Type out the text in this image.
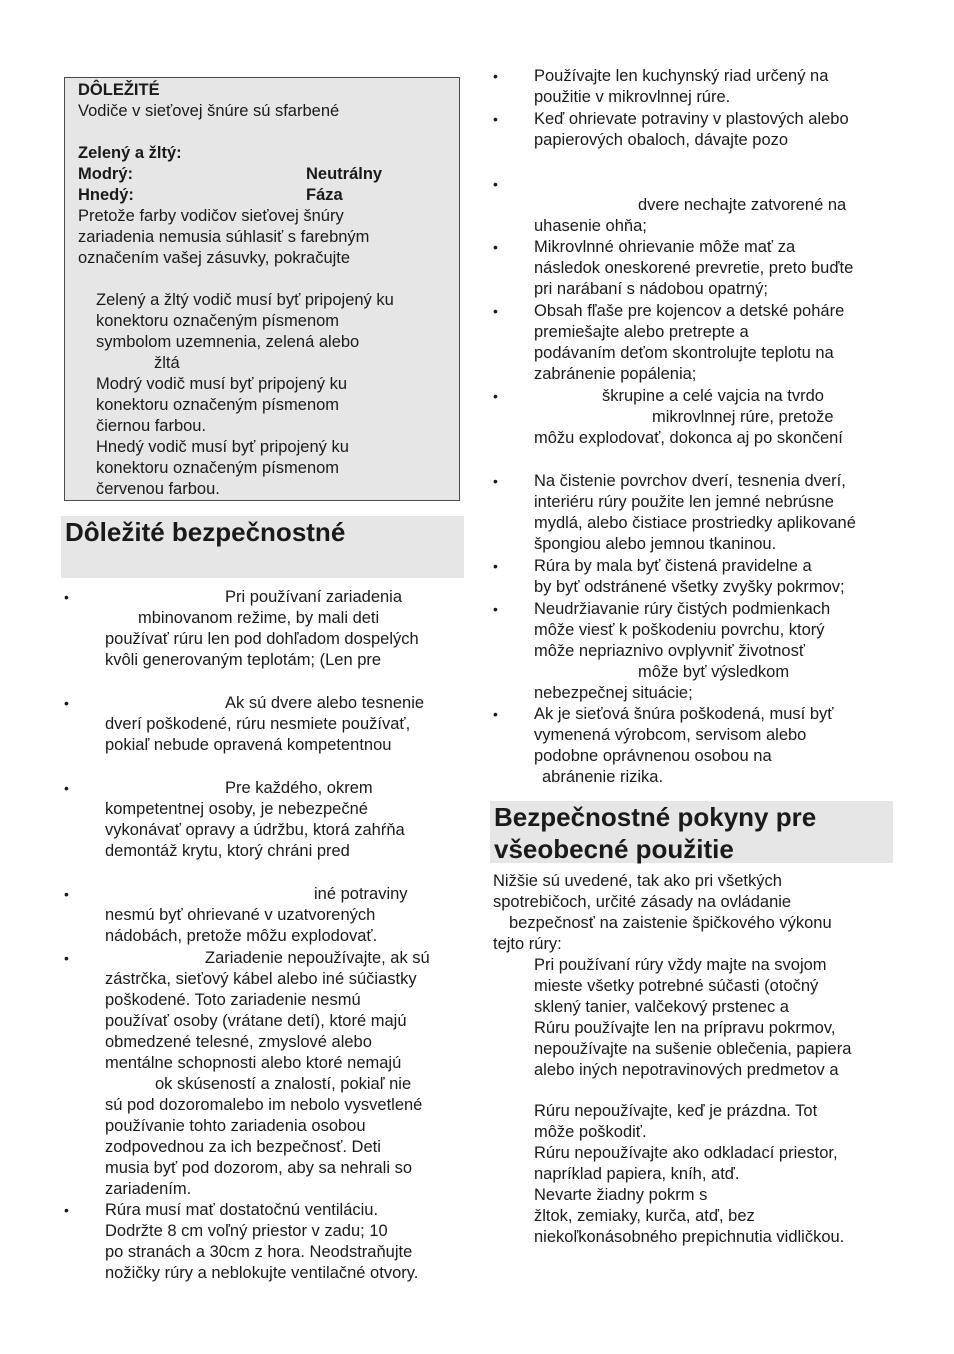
DÔLEŽITÉ
Vodiče v sieťovej šnúre sú sfarbené
Zelený a žltý:
Modrý:	Neutrálny
Hnedý:	Fáza
Pretože farby vodičov sieťovej šnúry
zariadenia nemusia súhlasiť s farebným
označením vašej zásuvky, pokračujte
Zelený a žltý vodič musí byť pripojený ku
konektoru označeným písmenom
symbolom uzemnenia, zelená alebo
žltá
Modrý vodič musí byť pripojený ku
konektoru označeným písmenom
čiernou farbou.
Hnedý vodič musí byť pripojený ku
konektoru označeným písmenom
červenou farbou.
Dôležité bezpečnostné
•	Pri používaní zariadenia
mbinovanom režime, by mali deti
používať rúru len pod dohľadom dospelých
kvôli generovaným teplotám; (Len pre
•	Ak sú dvere alebo tesnenie
dverí poškodené, rúru nesmiete používať,
pokiaľ nebude opravená kompetentnou
•	Pre každého, okrem
kompetentnej osoby, je nebezpečné
vykonávať opravy a údržbu, ktorá zahŕňa
demontáž krytu, ktorý chráni pred
•	iné potraviny
nesmú byť ohrievané v uzatvorených
nádobách, pretože môžu explodovať.
•	Zariadenie nepoužívajte, ak sú
zástrčka, sieťový kábel alebo iné súčiastky
poškodené. Toto zariadenie nesmú
používať osoby (vrátane detí), ktoré majú
obmedzené telesné, zmyslové alebo
mentálne schopnosti alebo ktoré nemajú
ok skúseností a znalostí, pokiaľ nie
sú pod dozoromalebo im nebolo vysvetlené
používanie tohto zariadenia osobou
zodpovednou za ich bezpečnosť. Deti
musia byť pod dozorom, aby sa nehrali so
zariadením.
• Rúra musí mať dostatočnú ventiláciu.
Dodržte 8 cm voľný priestor v zadu; 10
po stranách a 30cm z hora. Neodstraňujte
nožičky rúry a neblokujte ventilačné otvory.
• Používajte len kuchynský riad určený na
použitie v mikrovlnnej rúre.
• Keď ohrievate potraviny v plastových alebo
papierových obaloch, dávajte pozo
•
dvere nechajte zatvorené na
uhasenie ohňa;
• Mikrovlnné ohrievanie môže mať za
následok oneskorené prevretie, preto buďte
pri narábaní s nádobou opatrný;
• Obsah fľaše pre kojencov a detské poháre
premiešajte alebo pretrepte a
podávaním deťom skontrolujte teplotu na
zabránenie popálenia;
•	škrupine a celé vajcia na tvrdo
mikrovlnnej rúre, pretože
môžu explodovať, dokonca aj po skončení
• Na čistenie povrchov dverí, tesnenia dverí,
interiéru rúry použite len jemné nebrúsne
mydlá, alebo čistiace prostriedky aplikované
špongiou alebo jemnou tkaninou.
• Rúra by mala byť čistená pravidelne a
by byť odstránené všetky zvyšky pokrmov;
• Neudržiavanie rúry čistých podmienkach
môže viesť k poškodeniu povrchu, ktorý
môže nepriaznivo ovplyvniť životnosť
môže byť výsledkom
nebezpečnej situácie;
• Ak je sieťová šnúra poškodená, musí byť
vymenená výrobcom, servisom alebo
podobne oprávnenou osobou na
abránenie rizika.
Bezpečnostné pokyny pre
všeobecné použitie
Nižšie sú uvedené, tak ako pri všetkých
spotrebičoch, určité zásady na ovládanie
bezpečnosť na zaistenie špičkového výkonu
tejto rúry:
Pri používaní rúry vždy majte na svojom
mieste všetky potrebné súčasti (otočný
sklený tanier, valčekový prstenec a
Rúru používajte len na prípravu pokrmov,
nepoužívajte na sušenie oblečenia, papiera
alebo iných nepotravinových predmetov a
Rúru nepoužívajte, keď je prázdna. Tot
môže poškodiť.
Rúru nepoužívajte ako odkladací priestor,
napríklad papiera, kníh, atď.
Nevarte žiadny pokrm s
žltok, zemiaky, kurča, atď, bez
niekoľkonásobného prepichnutia vidličkou.
